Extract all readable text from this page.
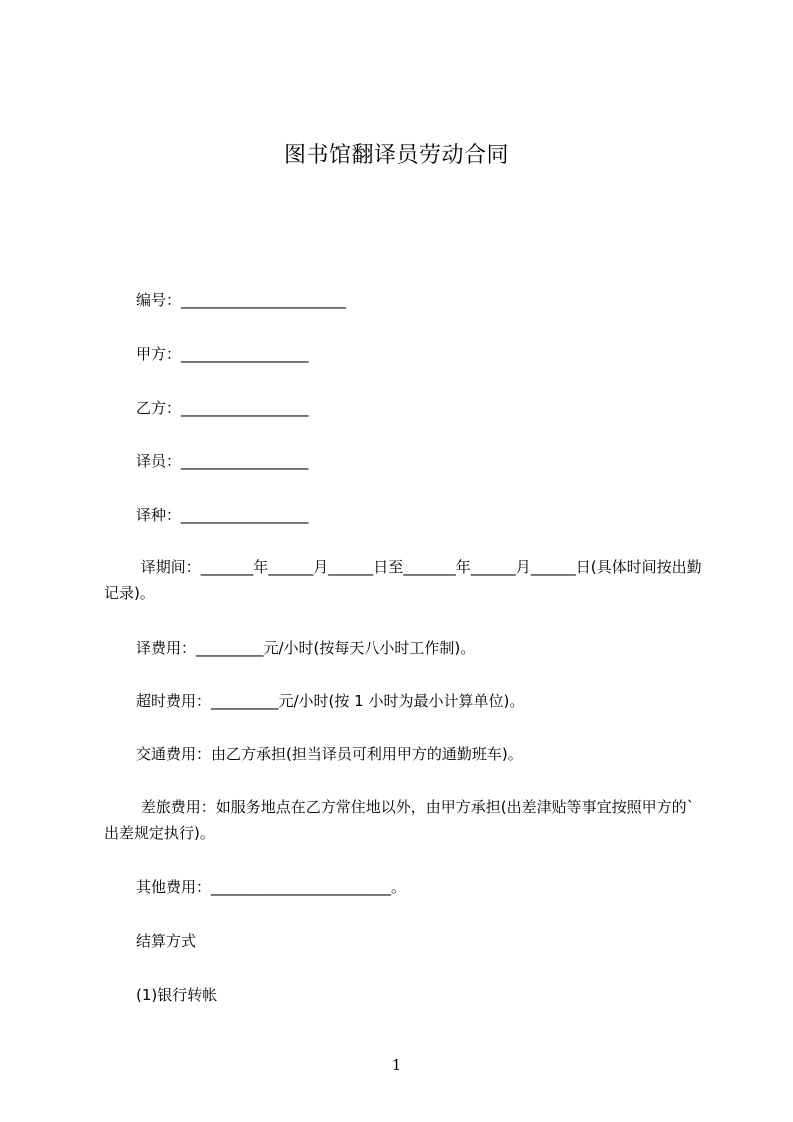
图书馆翻译员劳动合同

编号：______________________

甲方：_________________

乙方：_________________

译员：_________________

译种：_________________

译期间：_______年______月______日至_______年______月______日(具体时间按出勤记录)。

译费用：_________元/小时(按每天八小时工作制)。

超时费用：_________元/小时(按 1 小时为最小计算单位)。

交通费用：由乙方承担(担当译员可利用甲方的通勤班车)。

差旅费用：如服务地点在乙方常住地以外，由甲方承担(出差津贴等事宜按照甲方的`出差规定执行)。

其他费用：________________________。

结算方式

(1)银行转帐

1
